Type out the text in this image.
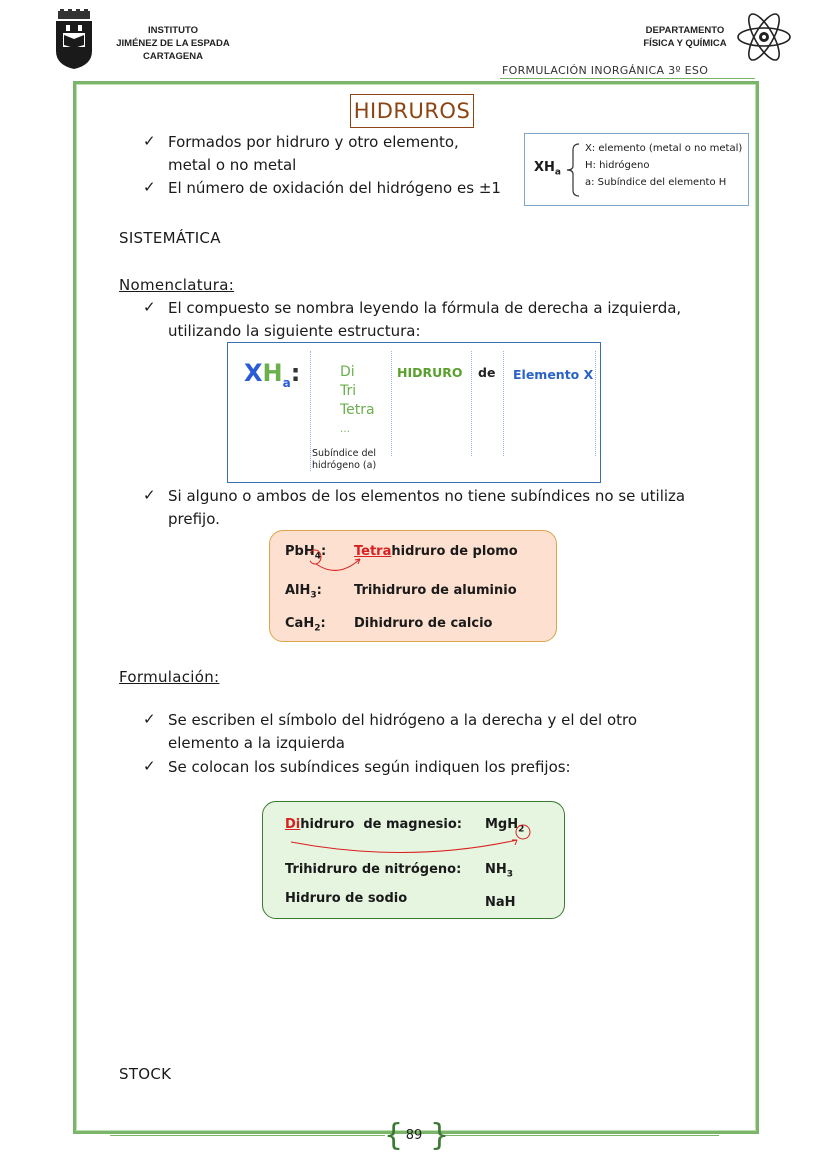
INSTITUTO
JIMÉNEZ DE LA ESPADA
CARTAGENA
DEPARTAMENTO
FÍSICA Y QUÍMICA
FORMULACIÓN INORGÁNICA 3º ESO
HIDRUROS
✓ Formados por hidruro y otro elemento,
metal o no metal
✓ El número de oxidación del hidrógeno es ±1
$XH_a$
X: elemento (metal o no metal)
H: hidrógeno
a: Subíndice del elemento H
SISTEMÁTICA
Nomenclatura:
✓ El compuesto se nombra leyendo la fórmula de derecha a izquierda,
utilizando la siguiente estructura:
$XH_a$:	Di
Tri
Tetra
…
Subíndice del
hidrógeno (a)
HIDRURO de Elemento X
✓ Si alguno o ambos de los elementos no tiene subíndices no se utiliza
prefijo.
PbH$_4$: Tetrahidruro de plomo
AlH$_3$: Trihidruro de aluminio
CaH$_2$: Dihidruro de calcio
Formulación:
✓ Se escriben el símbolo del hidrógeno a la derecha y el del otro
elemento a la izquierda
✓ Se colocan los subíndices según indiquen los prefijos:
Dihidruro  de magnesio: MgH$_2$
Trihidruro de nitrógeno: $NH_3$
Hidruro de sodio	NaH
STOCK
{ }
89
